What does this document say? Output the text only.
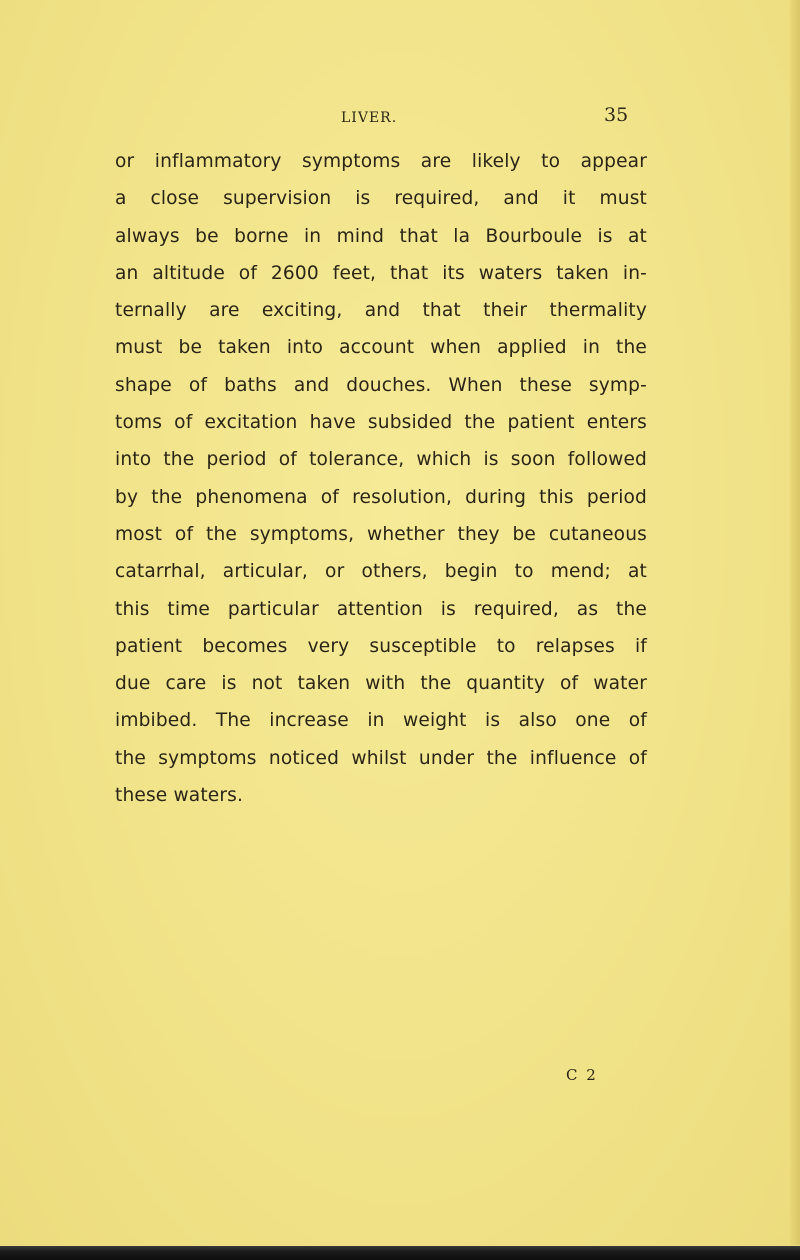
LIVER.	35
or inflammatory symptoms are likely to appear
a close supervision is required, and it must
always be borne in mind that la Bourboule is at
an altitude of 2600 feet, that its waters taken in-
ternally are exciting, and that their thermality
must be taken into account when applied in the
shape of baths and douches. When these symp-
toms of excitation have subsided the patient enters
into the period of tolerance, which is soon followed
by the phenomena of resolution, during this period
most of the symptoms, whether they be cutaneous
catarrhal, articular, or others, begin to mend; at
this time particular attention is required, as the
patient becomes very susceptible to relapses if
due care is not taken with the quantity of water
imbibed. The increase in weight is also one of
the symptoms noticed whilst under the influence of
these waters.
C 2
